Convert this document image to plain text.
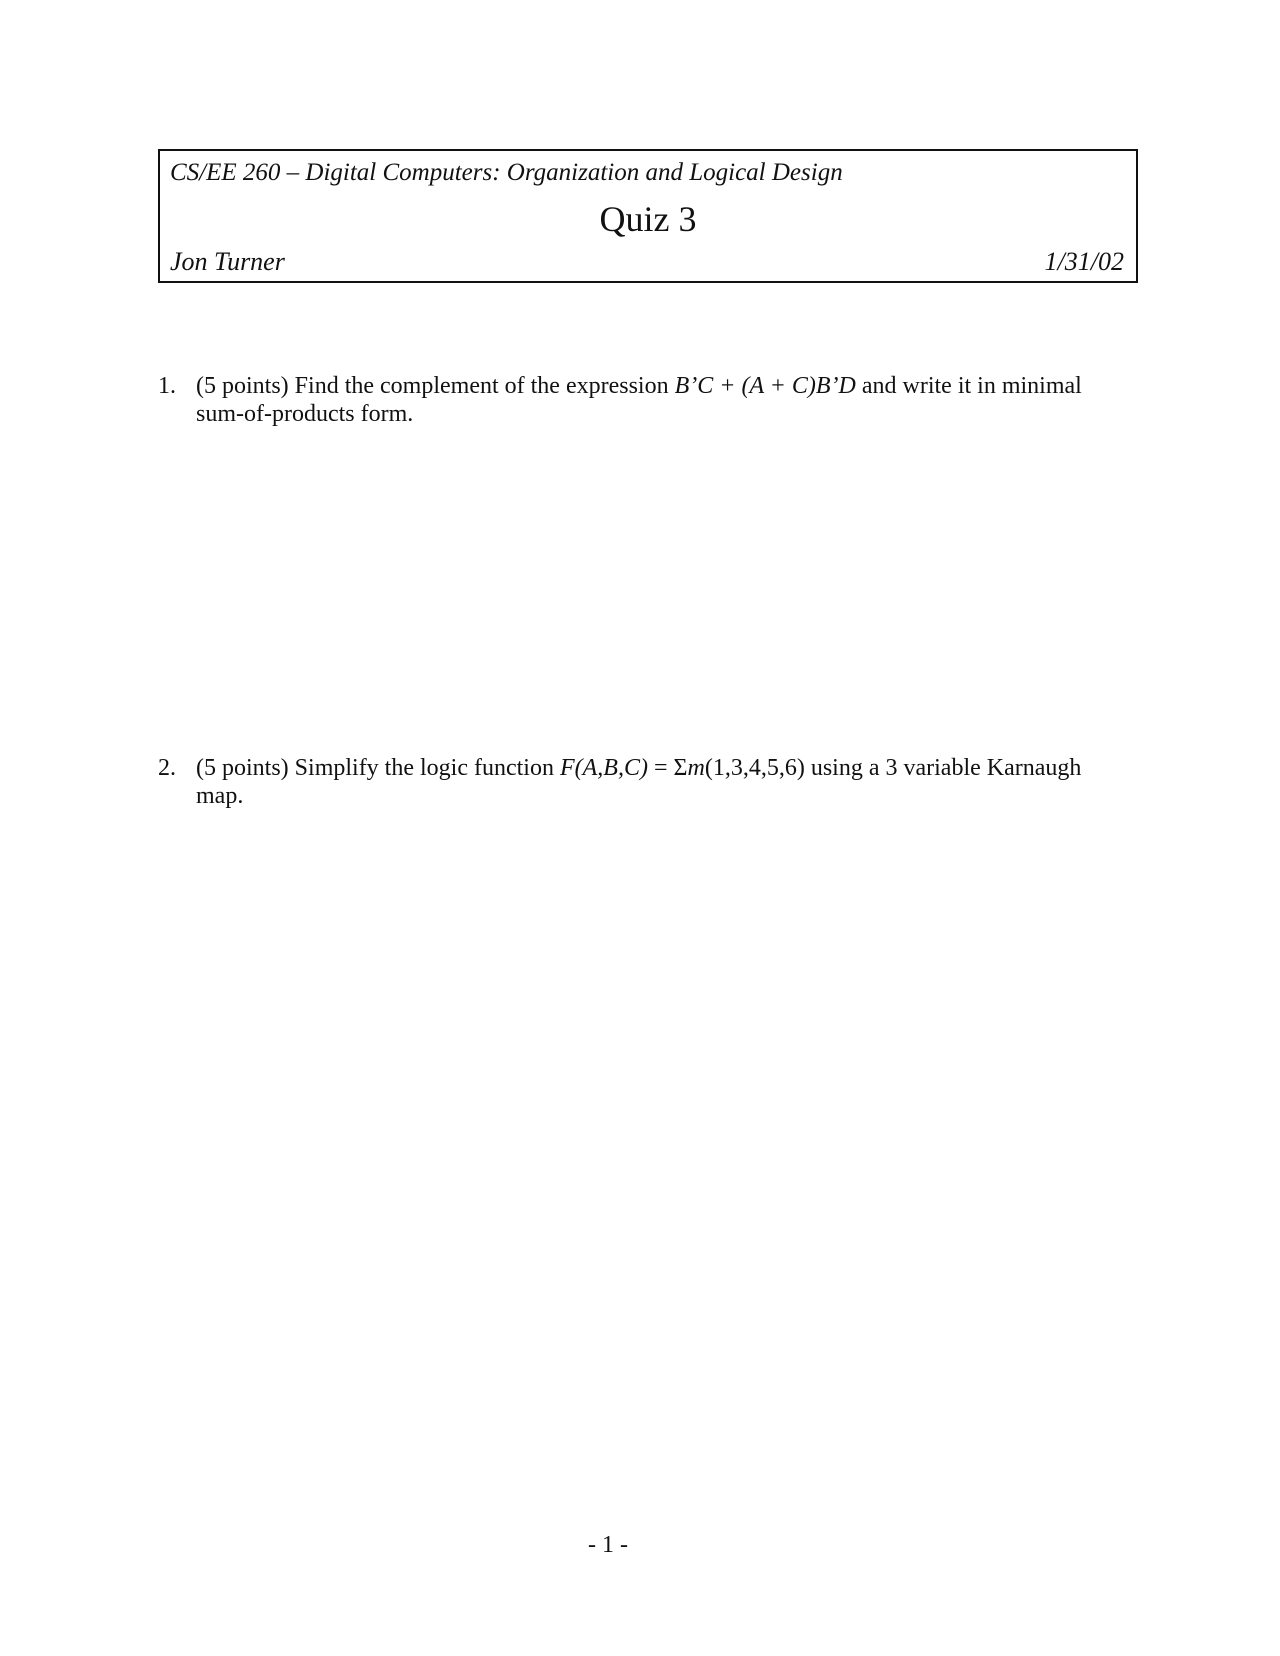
CS/EE 260 – Digital Computers: Organization and Logical Design
Quiz 3
Jon Turner	1/31/02
1. (5 points) Find the complement of the expression B’C + (A + C)B’D and write it in minimal sum-of-products form.
2. (5 points) Simplify the logic function F(A,B,C) = Σm(1,3,4,5,6) using a 3 variable Karnaugh map.
- 1 -
